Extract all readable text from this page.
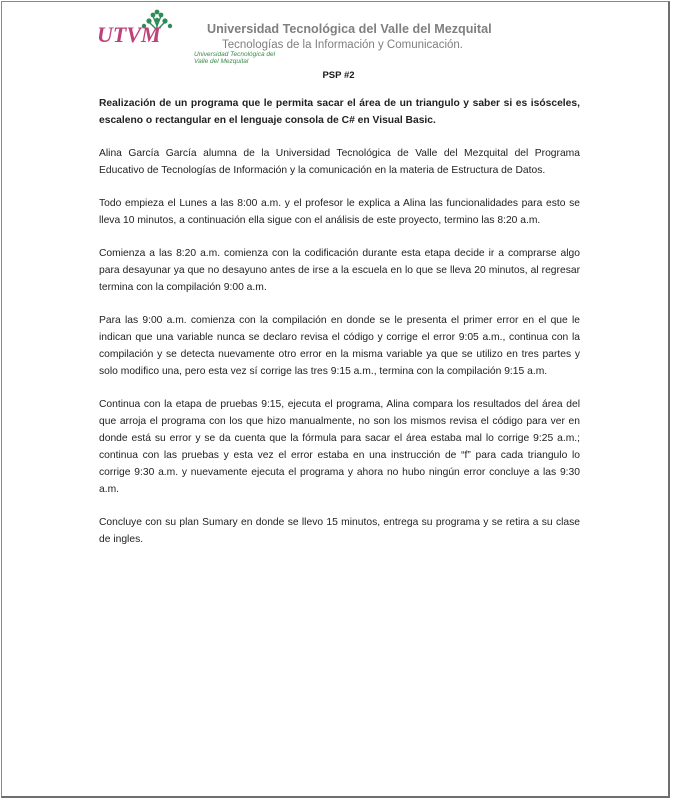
UTVM
Universidad Tecnológica del Valle del Mezquital
Universidad Tecnológica del Valle del Mezquital
Tecnologías de la Información y Comunicación.
PSP #2

Realización de un programa que le permita sacar el área de un triangulo y saber si es isósceles, escaleno o rectangular en el lenguaje consola de C# en Visual Basic.

Alina García García alumna de la Universidad Tecnológica de Valle del Mezquital del Programa Educativo de Tecnologías de Información y la comunicación en la materia de Estructura de Datos.

Todo empieza el Lunes a las 8:00 a.m. y el profesor le explica a Alina las funcionalidades para esto se lleva 10 minutos, a continuación ella sigue con el análisis de este proyecto, termino las 8:20 a.m.

Comienza a las 8:20 a.m. comienza con la codificación durante esta etapa decide ir a comprarse algo para desayunar ya que no desayuno antes de irse a la escuela en lo que se lleva 20 minutos, al regresar termina con la compilación 9:00 a.m.

Para las 9:00 a.m. comienza con la compilación en donde se le presenta el primer error en el que le indican que una variable nunca se declaro revisa el código y corrige el error 9:05 a.m., continua con la compilación y se detecta nuevamente otro error en la misma variable ya que se utilizo en tres partes y solo modifico una, pero esta vez sí corrige las tres 9:15 a.m., termina con la compilación 9:15 a.m.

Continua con la etapa de pruebas 9:15, ejecuta el programa, Alina compara los resultados del área del que arroja el programa con los que hizo manualmente, no son los mismos revisa el código para ver en donde está su error y se da cuenta que la fórmula para sacar el área estaba mal lo corrige 9:25 a.m.; continua con las pruebas y esta vez el error estaba en una instrucción de “f” para cada triangulo lo corrige 9:30 a.m. y nuevamente ejecuta el programa y ahora no hubo ningún error concluye a las 9:30 a.m.

Concluye con su plan Sumary en donde se llevo 15 minutos, entrega su programa y se retira a su clase de ingles.
